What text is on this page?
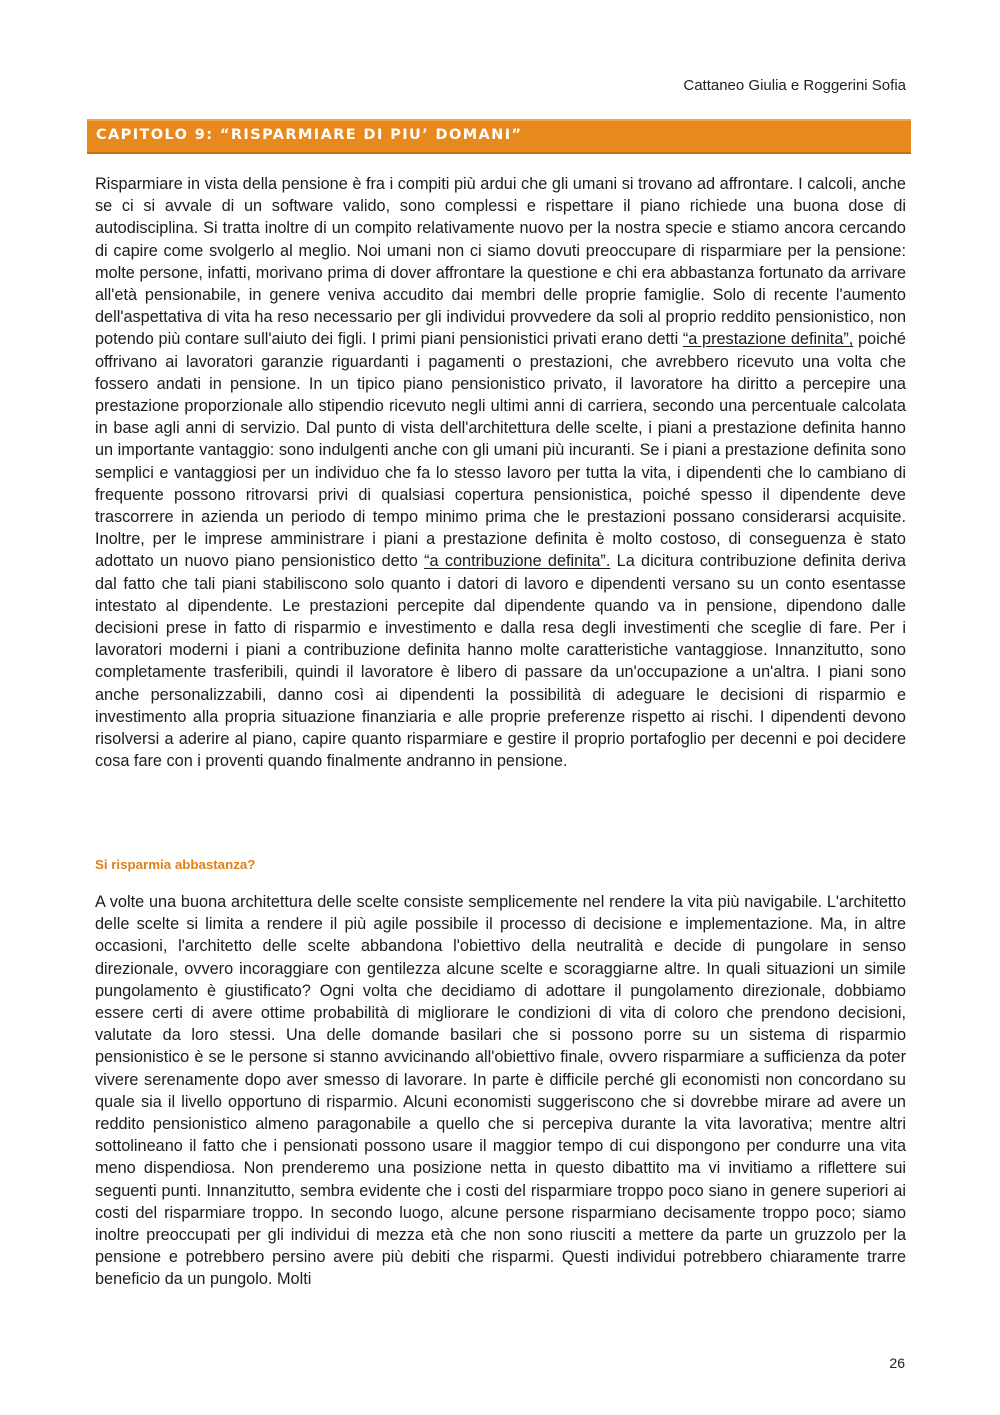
Cattaneo Giulia e Roggerini Sofia
CAPITOLO 9: “RISPARMIARE DI PIU’ DOMANI”

Risparmiare in vista della pensione è fra i compiti più ardui che gli umani si trovano ad affrontare. I calcoli, anche se ci si avvale di un software valido, sono complessi e rispettare il piano richiede una buona dose di autodisciplina. Si tratta inoltre di un compito relativamente nuovo per la nostra specie e stiamo ancora cercando di capire come svolgerlo al meglio. Noi umani non ci siamo dovuti preoccupare di risparmiare per la pensione: molte persone, infatti, morivano prima di dover affrontare la questione e chi era abbastanza fortunato da arrivare all'età pensionabile, in genere veniva accudito dai membri delle proprie famiglie. Solo di recente l'aumento dell'aspettativa di vita ha reso necessario per gli individui provvedere da soli al proprio reddito pensionistico, non potendo più contare sull'aiuto dei figli. I primi piani pensionistici privati erano detti “a prestazione definita”, poiché offrivano ai lavoratori garanzie riguardanti i pagamenti o prestazioni, che avrebbero ricevuto una volta che fossero andati in pensione. In un tipico piano pensionistico privato, il lavoratore ha diritto a percepire una prestazione proporzionale allo stipendio ricevuto negli ultimi anni di carriera, secondo una percentuale calcolata in base agli anni di servizio. Dal punto di vista dell'architettura delle scelte, i piani a prestazione definita hanno un importante vantaggio: sono indulgenti anche con gli umani più incuranti. Se i piani a prestazione definita sono semplici e vantaggiosi per un individuo che fa lo stesso lavoro per tutta la vita, i dipendenti che lo cambiano di frequente possono ritrovarsi privi di qualsiasi copertura pensionistica, poiché spesso il dipendente deve trascorrere in azienda un periodo di tempo minimo prima che le prestazioni possano considerarsi acquisite. Inoltre, per le imprese amministrare i piani a prestazione definita è molto costoso, di conseguenza è stato adottato un nuovo piano pensionistico detto “a contribuzione definita”. La dicitura contribuzione definita deriva dal fatto che tali piani stabiliscono solo quanto i datori di lavoro e dipendenti versano su un conto esentasse intestato al dipendente. Le prestazioni percepite dal dipendente quando va in pensione, dipendono dalle decisioni prese in fatto di risparmio e investimento e dalla resa degli investimenti che sceglie di fare. Per i lavoratori moderni i piani a contribuzione definita hanno molte caratteristiche vantaggiose. Innanzitutto, sono completamente trasferibili, quindi il lavoratore è libero di passare da un'occupazione a un'altra. I piani sono anche personalizzabili, danno così ai dipendenti la possibilità di adeguare le decisioni di risparmio e investimento alla propria situazione finanziaria e alle proprie preferenze rispetto ai rischi. I dipendenti devono risolversi a aderire al piano, capire quanto risparmiare e gestire il proprio portafoglio per decenni e poi decidere cosa fare con i proventi quando finalmente andranno in pensione.

Si risparmia abbastanza?

A volte una buona architettura delle scelte consiste semplicemente nel rendere la vita più navigabile. L'architetto delle scelte si limita a rendere il più agile possibile il processo di decisione e implementazione. Ma, in altre occasioni, l'architetto delle scelte abbandona l'obiettivo della neutralità e decide di pungolare in senso direzionale, ovvero incoraggiare con gentilezza alcune scelte e scoraggiarne altre. In quali situazioni un simile pungolamento è giustificato? Ogni volta che decidiamo di adottare il pungolamento direzionale, dobbiamo essere certi di avere ottime probabilità di migliorare le condizioni di vita di coloro che prendono decisioni, valutate da loro stessi. Una delle domande basilari che si possono porre su un sistema di risparmio pensionistico è se le persone si stanno avvicinando all'obiettivo finale, ovvero risparmiare a sufficienza da poter vivere serenamente dopo aver smesso di lavorare. In parte è difficile perché gli economisti non concordano su quale sia il livello opportuno di risparmio. Alcuni economisti suggeriscono che si dovrebbe mirare ad avere un reddito pensionistico almeno paragonabile a quello che si percepiva durante la vita lavorativa; mentre altri sottolineano il fatto che i pensionati possono usare il maggior tempo di cui dispongono per condurre una vita meno dispendiosa. Non prenderemo una posizione netta in questo dibattito ma vi invitiamo a riflettere sui seguenti punti. Innanzitutto, sembra evidente che i costi del risparmiare troppo poco siano in genere superiori ai costi del risparmiare troppo. In secondo luogo, alcune persone risparmiano decisamente troppo poco; siamo inoltre preoccupati per gli individui di mezza età che non sono riusciti a mettere da parte un gruzzolo per la pensione e potrebbero persino avere più debiti che risparmi. Questi individui potrebbero chiaramente trarre beneficio da un pungolo. Molti

26
